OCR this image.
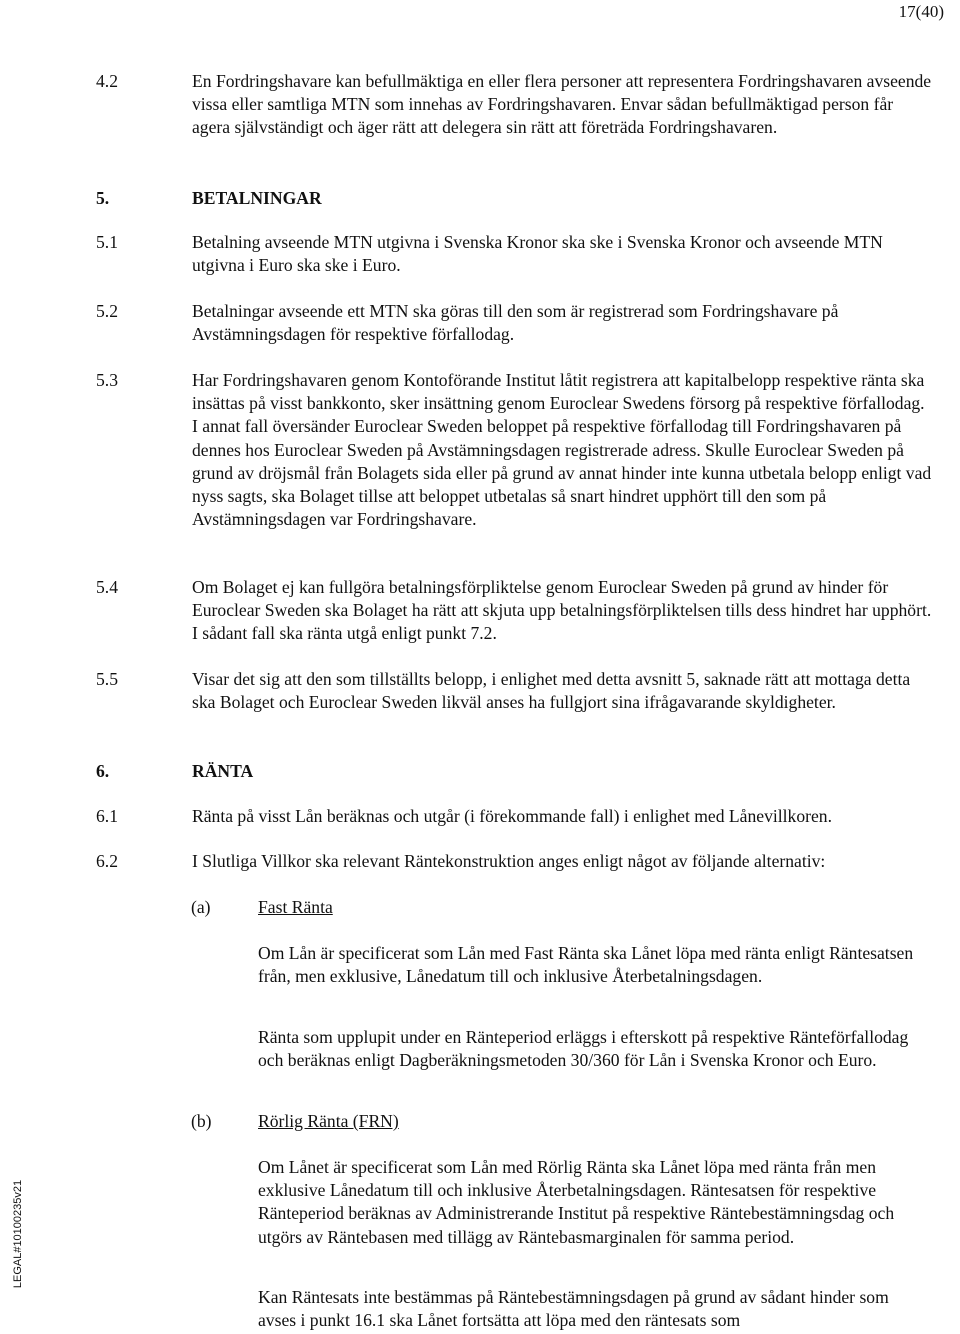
17(40)
LEGAL#10100235v21
4.2	En Fordringshavare kan befullmäktiga en eller flera personer att representera Fordringshavaren avseende vissa eller samtliga MTN som innehas av Fordringshavaren. Envar sådan befullmäktigad person får agera självständigt och äger rätt att delegera sin rätt att företräda Fordringshavaren.
5.	BETALNINGAR
5.1	Betalning avseende MTN utgivna i Svenska Kronor ska ske i Svenska Kronor och avseende MTN utgivna i Euro ska ske i Euro.
5.2	Betalningar avseende ett MTN ska göras till den som är registrerad som Fordringshavare på Avstämningsdagen för respektive förfallodag.
5.3	Har Fordringshavaren genom Kontoförande Institut låtit registrera att kapitalbelopp respektive ränta ska insättas på visst bankkonto, sker insättning genom Euroclear Swedens försorg på respektive förfallodag. I annat fall översänder Euroclear Sweden beloppet på respektive förfallodag till Fordringshavaren på dennes hos Euroclear Sweden på Avstämningsdagen registrerade adress. Skulle Euroclear Sweden på grund av dröjsmål från Bolagets sida eller på grund av annat hinder inte kunna utbetala belopp enligt vad nyss sagts, ska Bolaget tillse att beloppet utbetalas så snart hindret upphört till den som på Avstämningsdagen var Fordringshavare.
5.4	Om Bolaget ej kan fullgöra betalningsförpliktelse genom Euroclear Sweden på grund av hinder för Euroclear Sweden ska Bolaget ha rätt att skjuta upp betalningsförpliktelsen tills dess hindret har upphört. I sådant fall ska ränta utgå enligt punkt 7.2.
5.5	Visar det sig att den som tillställts belopp, i enlighet med detta avsnitt 5, saknade rätt att mottaga detta ska Bolaget och Euroclear Sweden likväl anses ha fullgjort sina ifrågavarande skyldigheter.
6.	RÄNTA
6.1	Ränta på visst Lån beräknas och utgår (i förekommande fall) i enlighet med Lånevillkoren.
6.2	I Slutliga Villkor ska relevant Räntekonstruktion anges enligt något av följande alternativ:
(a)	Fast Ränta
Om Lån är specificerat som Lån med Fast Ränta ska Lånet löpa med ränta enligt Räntesatsen från, men exklusive, Lånedatum till och inklusive Återbetalningsdagen.
Ränta som upplupit under en Ränteperiod erläggs i efterskott på respektive Ränteförfallodag och beräknas enligt Dagberäkningsmetoden 30/360 för Lån i Svenska Kronor och Euro.
(b)	Rörlig Ränta (FRN)
Om Lånet är specificerat som Lån med Rörlig Ränta ska Lånet löpa med ränta från men exklusive Lånedatum till och inklusive Återbetalningsdagen. Räntesatsen för respektive Ränteperiod beräknas av Administrerande Institut på respektive Räntebestämningsdag och utgörs av Räntebasen med tillägg av Räntebasmarginalen för samma period.
Kan Räntesats inte bestämmas på Räntebestämningsdagen på grund av sådant hinder som avses i punkt 16.1 ska Lånet fortsätta att löpa med den räntesats som
